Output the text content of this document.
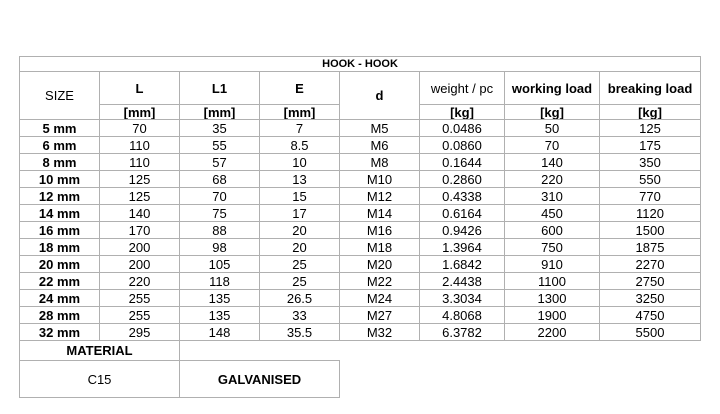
HOOK - HOOK							
SIZE	L	L1	E	d	weight / pc	working load	breaking load
	[mm]	[mm]	[mm]		[kg]	[kg]	[kg]
5 mm	70	35	7	M5	0.0486	50	125
6 mm	110	55	8.5	M6	0.0860	70	175
8 mm	110	57	10	M8	0.1644	140	350
10 mm	125	68	13	M10	0.2860	220	550
12 mm	125	70	15	M12	0.4338	310	770
14 mm	140	75	17	M14	0.6164	450	1120
16 mm	170	88	20	M16	0.9426	600	1500
18 mm	200	98	20	M18	1.3964	750	1875
20 mm	200	105	25	M20	1.6842	910	2270
22 mm	220	118	25	M22	2.4438	1100	2750
24 mm	255	135	26.5	M24	3.3034	1300	3250
28 mm	255	135	33	M27	4.8068	1900	4750
32 mm	295	148	35.5	M32	6.3782	2200	5500
MATERIAL							
C15		GALVANISED					
